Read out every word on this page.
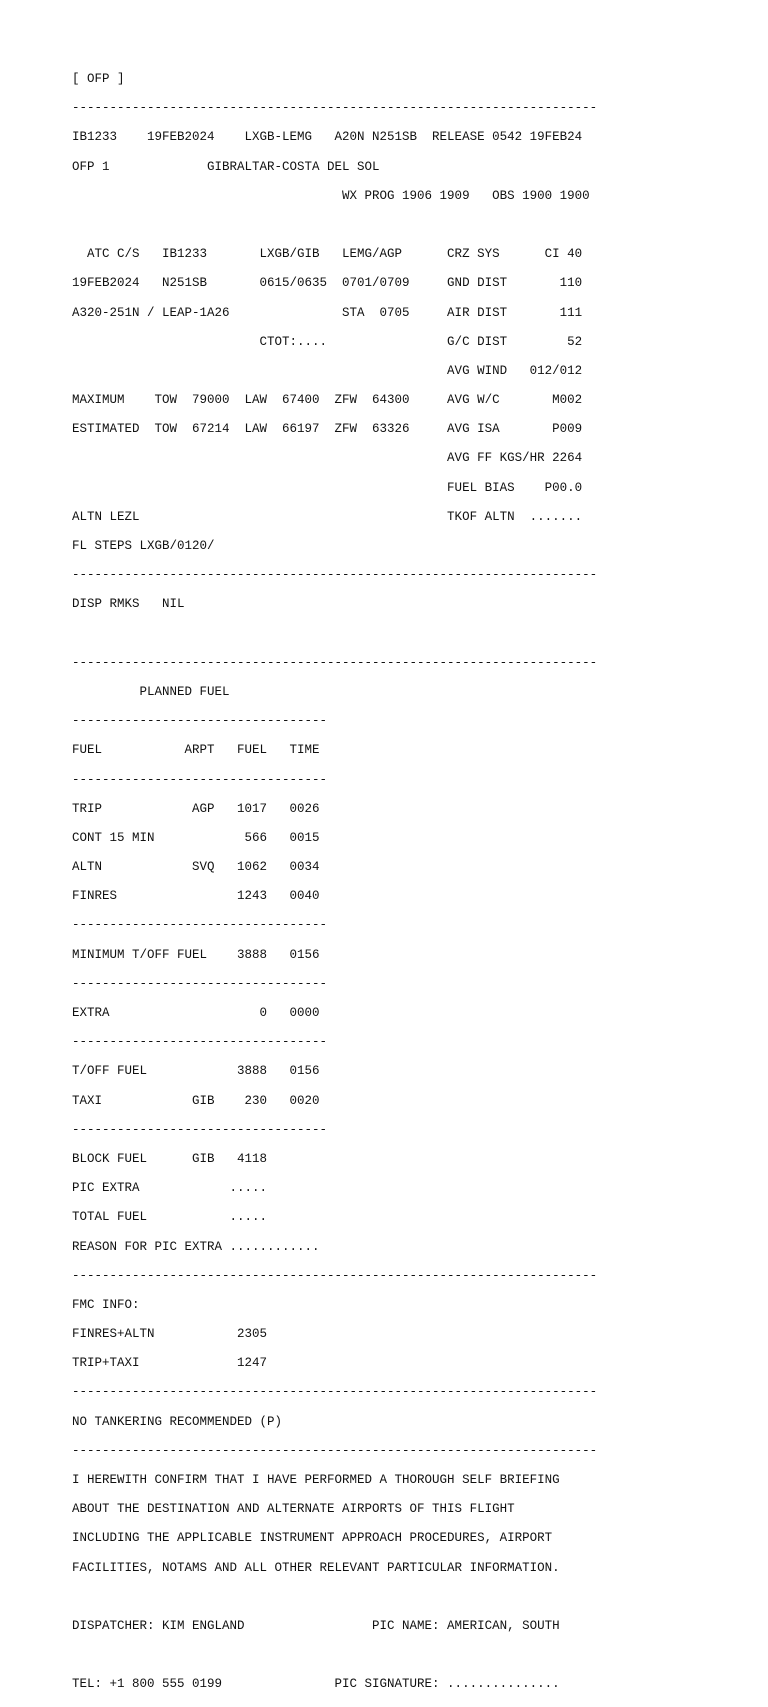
[ OFP ]

----------------------------------------------------------------------

IB1233    19FEB2024    LXGB-LEMG   A20N N251SB  RELEASE 0542 19FEB24

OFP 1             GIBRALTAR-COSTA DEL SOL

WX PROG 1906 1909   OBS 1900 1900

ATC C/S   IB1233       LXGB/GIB   LEMG/AGP      CRZ SYS      CI 40

19FEB2024   N251SB       0615/0635  0701/0709     GND DIST       110

A320-251N / LEAP-1A26               STA  0705     AIR DIST       111

CTOT:....                G/C DIST        52

AVG WIND   012/012

MAXIMUM    TOW  79000  LAW  67400  ZFW  64300     AVG W/C       M002

ESTIMATED  TOW  67214  LAW  66197  ZFW  63326     AVG ISA       P009

AVG FF KGS/HR 2264

FUEL BIAS    P00.0

ALTN LEZL                                         TKOF ALTN  .......

FL STEPS LXGB/0120/

----------------------------------------------------------------------

DISP RMKS   NIL

----------------------------------------------------------------------

PLANNED FUEL

----------------------------------

FUEL           ARPT   FUEL   TIME

----------------------------------

TRIP            AGP   1017   0026

CONT 15 MIN            566   0015

ALTN            SVQ   1062   0034

FINRES                1243   0040

----------------------------------

MINIMUM T/OFF FUEL    3888   0156

----------------------------------

EXTRA                    0   0000

----------------------------------

T/OFF FUEL            3888   0156

TAXI            GIB    230   0020

----------------------------------

BLOCK FUEL      GIB   4118

PIC EXTRA            .....

TOTAL FUEL           .....

REASON FOR PIC EXTRA ............

----------------------------------------------------------------------

FMC INFO:

FINRES+ALTN           2305

TRIP+TAXI             1247

----------------------------------------------------------------------

NO TANKERING RECOMMENDED (P)

----------------------------------------------------------------------

I HEREWITH CONFIRM THAT I HAVE PERFORMED A THOROUGH SELF BRIEFING

ABOUT THE DESTINATION AND ALTERNATE AIRPORTS OF THIS FLIGHT

INCLUDING THE APPLICABLE INSTRUMENT APPROACH PROCEDURES, AIRPORT

FACILITIES, NOTAMS AND ALL OTHER RELEVANT PARTICULAR INFORMATION.

DISPATCHER: KIM ENGLAND                 PIC NAME: AMERICAN, SOUTH

TEL: +1 800 555 0199               PIC SIGNATURE: ...............
